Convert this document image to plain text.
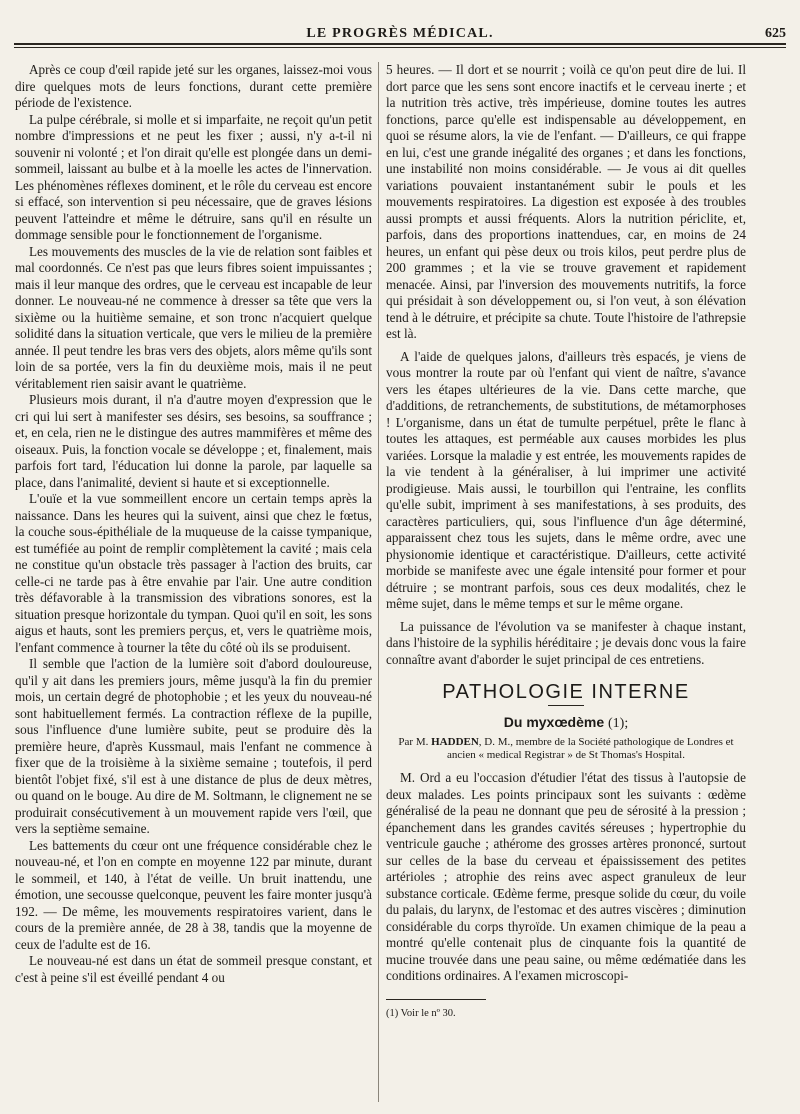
LE PROGRÈS MÉDICAL.	625

Après ce coup d'œil rapide jeté sur les organes, laissez-moi vous dire quelques mots de leurs fonctions, durant cette première période de l'existence.

La pulpe cérébrale, si molle et si imparfaite, ne reçoit qu'un petit nombre d'impressions et ne peut les fixer ; aussi, n'y a-t-il ni souvenir ni volonté ; et l'on dirait qu'elle est plongée dans un demi-sommeil, laissant au bulbe et à la moelle les actes de l'innervation. Les phénomènes réflexes dominent, et le rôle du cerveau est encore si effacé, son intervention si peu nécessaire, que de graves lésions peuvent l'atteindre et même le détruire, sans qu'il en résulte un dommage sensible pour le fonctionnement de l'organisme.

Les mouvements des muscles de la vie de relation sont faibles et mal coordonnés. Ce n'est pas que leurs fibres soient impuissantes ; mais il leur manque des ordres, que le cerveau est incapable de leur donner. Le nouveau-né ne commence à dresser sa tête que vers la sixième ou la huitième semaine, et son tronc n'acquiert quelque solidité dans la situation verticale, que vers le milieu de la première année. Il peut tendre les bras vers des objets, alors même qu'ils sont loin de sa portée, vers la fin du deuxième mois, mais il ne peut véritablement rien saisir avant le quatrième.

Plusieurs mois durant, il n'a d'autre moyen d'expression que le cri qui lui sert à manifester ses désirs, ses besoins, sa souffrance ; et, en cela, rien ne le distingue des autres mammifères et même des oiseaux. Puis, la fonction vocale se développe ; et, finalement, mais parfois fort tard, l'éducation lui donne la parole, par laquelle sa place, dans l'animalité, devient si haute et si exceptionnelle.

L'ouïe et la vue sommeillent encore un certain temps après la naissance. Dans les heures qui la suivent, ainsi que chez le fœtus, la couche sous-épithéliale de la muqueuse de la caisse tympanique, est tuméfiée au point de remplir complètement la cavité ; mais cela ne constitue qu'un obstacle très passager à l'action des bruits, car celle-ci ne tarde pas à être envahie par l'air. Une autre condition très défavorable à la transmission des vibrations sonores, est la situation presque horizontale du tympan. Quoi qu'il en soit, les sons aigus et hauts, sont les premiers perçus, et, vers le quatrième mois, l'enfant commence à tourner la tête du côté où ils se produisent.

Il semble que l'action de la lumière soit d'abord douloureuse, qu'il y ait dans les premiers jours, même jusqu'à la fin du premier mois, un certain degré de photophobie ; et les yeux du nouveau-né sont habituellement fermés. La contraction réflexe de la pupille, sous l'influence d'une lumière subite, peut se produire dès la première heure, d'après Kussmaul, mais l'enfant ne commence à fixer que de la troisième à la sixième semaine ; toutefois, il perd bientôt l'objet fixé, s'il est à une distance de plus de deux mètres, ou quand on le bouge. Au dire de M. Soltmann, le clignement ne se produirait consécutivement à un mouvement rapide vers l'œil, que vers la septième semaine.

Les battements du cœur ont une fréquence considérable chez le nouveau-né, et l'on en compte en moyenne 122 par minute, durant le sommeil, et 140, à l'état de veille. Un bruit inattendu, une émotion, une secousse quelconque, peuvent les faire monter jusqu'à 192. — De même, les mouvements respiratoires varient, dans le cours de la première année, de 28 à 38, tandis que la moyenne de ceux de l'adulte est de 16.

Le nouveau-né est dans un état de sommeil presque constant, et c'est à peine s'il est éveillé pendant 4 ou

5 heures. — Il dort et se nourrit ; voilà ce qu'on peut dire de lui. Il dort parce que les sens sont encore inactifs et le cerveau inerte ; et la nutrition très active, très impérieuse, domine toutes les autres fonctions, parce qu'elle est indispensable au développement, en quoi se résume alors, la vie de l'enfant. — D'ailleurs, ce qui frappe en lui, c'est une grande inégalité des organes ; et dans les fonctions, une instabilité non moins considérable. — Je vous ai dit quelles variations pouvaient instantanément subir le pouls et les mouvements respiratoires. La digestion est exposée à des troubles aussi prompts et aussi fréquents. Alors la nutrition périclite, et, parfois, dans des proportions inattendues, car, en moins de 24 heures, un enfant qui pèse deux ou trois kilos, peut perdre plus de 200 grammes ; et la vie se trouve gravement et rapidement menacée. Ainsi, par l'inversion des mouvements nutritifs, la force qui présidait à son développement ou, si l'on veut, à son élévation tend à le détruire, et précipite sa chute. Toute l'histoire de l'athrepsie est là.

A l'aide de quelques jalons, d'ailleurs très espacés, je viens de vous montrer la route par où l'enfant qui vient de naître, s'avance vers les étapes ultérieures de la vie. Dans cette marche, que d'additions, de retranchements, de substitutions, de métamorphoses ! L'organisme, dans un état de tumulte perpétuel, prête le flanc à toutes les attaques, est perméable aux causes morbides les plus variées. Lorsque la maladie y est entrée, les mouvements rapides de la vie tendent à la généraliser, à lui imprimer une activité prodigieuse. Mais aussi, le tourbillon qui l'entraine, les conflits qu'elle subit, impriment à ses manifestations, à ses produits, des caractères particuliers, qui, sous l'influence d'un âge déterminé, apparaissent chez tous les sujets, dans le même ordre, avec une physionomie identique et caractéristique. D'ailleurs, cette activité morbide se manifeste avec une égale intensité pour former et pour détruire ; se montrant parfois, sous ces deux modalités, chez le même sujet, dans le même temps et sur le même organe.

La puissance de l'évolution va se manifester à chaque instant, dans l'histoire de la syphilis héréditaire ; je devais donc vous la faire connaître avant d'aborder le sujet principal de ces entretiens.

PATHOLOGIE INTERNE
Du myxœdème (1);
Par M. HADDEN, D. M., membre de la Société pathologique de Londres et ancien « medical Registrar » de St Thomas's Hospital.

M. Ord a eu l'occasion d'étudier l'état des tissus à l'autopsie de deux malades. Les points principaux sont les suivants : œdème généralisé de la peau ne donnant que peu de sérosité à la pression ; épanchement dans les grandes cavités séreuses ; hypertrophie du ventricule gauche ; athérome des grosses artères prononcé, surtout sur celles de la base du cerveau et épaississement des petites artérioles ; atrophie des reins avec aspect granuleux de leur substance corticale. Œdème ferme, presque solide du cœur, du voile du palais, du larynx, de l'estomac et des autres viscères ; diminution considérable du corps thyroïde. Un examen chimique de la peau a montré qu'elle contenait plus de cinquante fois la quantité de mucine trouvée dans une peau saine, ou même œdématiée dans les conditions ordinaires. A l'examen microscopi-

(1) Voir le nº 30.
